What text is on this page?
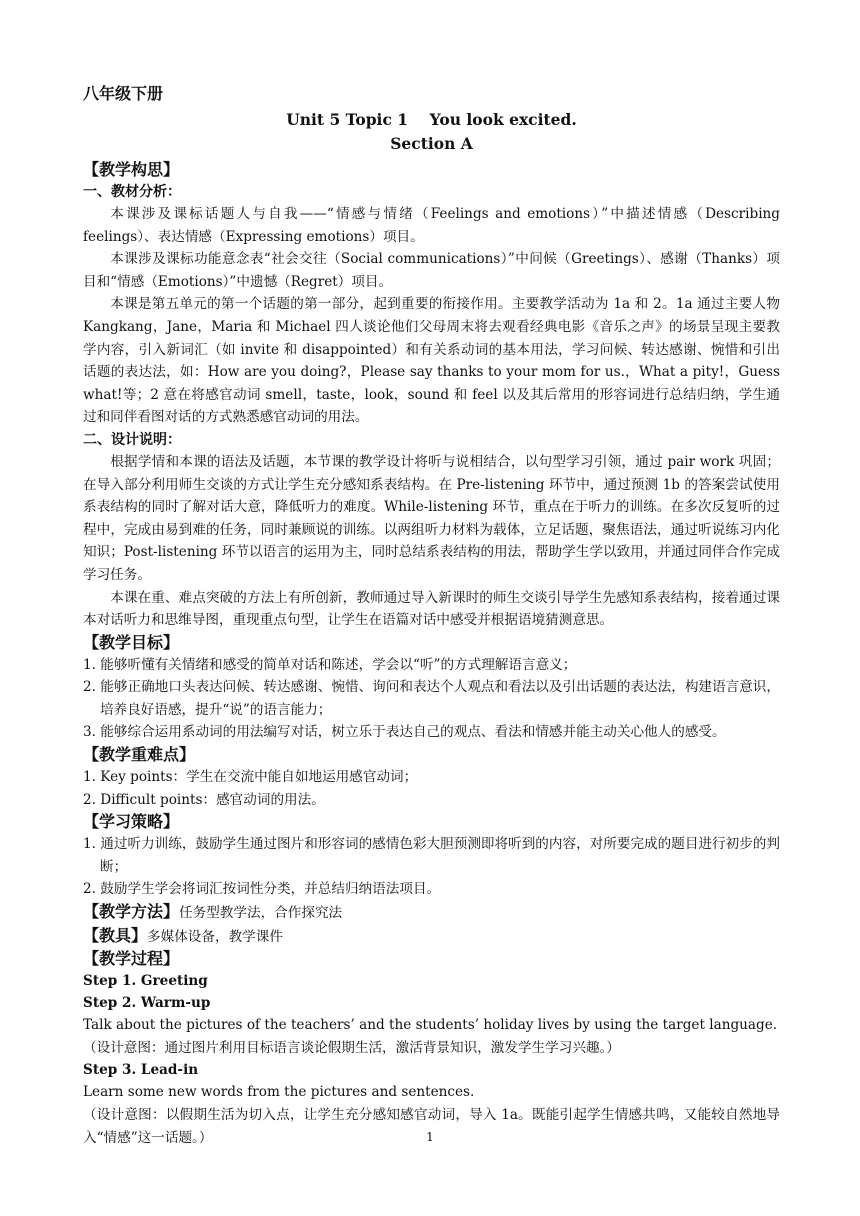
八年级下册

Unit 5 Topic 1    You look excited.

Section A

【教学构思】

一、教材分析：

本课涉及课标话题人与自我——“情感与情绪（Feelings and emotions）”中描述情感（Describing feelings）、表达情感（Expressing emotions）项目。

本课涉及课标功能意念表“社会交往（Social communications）”中问候（Greetings）、感谢（Thanks）项目和“情感（Emotions）”中遗憾（Regret）项目。

本课是第五单元的第一个话题的第一部分，起到重要的衔接作用。主要教学活动为 1a 和 2。1a 通过主要人物 Kangkang，Jane，Maria 和 Michael 四人谈论他们父母周末将去观看经典电影《音乐之声》的场景呈现主要教学内容，引入新词汇（如 invite 和 disappointed）和有关系动词的基本用法，学习问候、转达感谢、惋惜和引出话题的表达法，如：How are you doing?，Please say thanks to your mom for us.，What a pity!，Guess what!等；2 意在将感官动词 smell，taste，look，sound 和 feel 以及其后常用的形容词进行总结归纳，学生通过和同伴看图对话的方式熟悉感官动词的用法。

二、设计说明：

根据学情和本课的语法及话题，本节课的教学设计将听与说相结合，以句型学习引领，通过 pair work 巩固；在导入部分利用师生交谈的方式让学生充分感知系表结构。在 Pre-listening 环节中，通过预测 1b 的答案尝试使用系表结构的同时了解对话大意，降低听力的难度。While-listening 环节，重点在于听力的训练。在多次反复听的过程中，完成由易到难的任务，同时兼顾说的训练。以两组听力材料为载体，立足话题，聚焦语法，通过听说练习内化知识；Post-listening 环节以语言的运用为主，同时总结系表结构的用法，帮助学生学以致用，并通过同伴合作完成学习任务。

本课在重、难点突破的方法上有所创新，教师通过导入新课时的师生交谈引导学生先感知系表结构，接着通过课本对话听力和思维导图，重现重点句型，让学生在语篇对话中感受并根据语境猜测意思。

【教学目标】

1. 能够听懂有关情绪和感受的简单对话和陈述，学会以“听”的方式理解语言意义；

2. 能够正确地口头表达问候、转达感谢、惋惜、询问和表达个人观点和看法以及引出话题的表达法，构建语言意识，培养良好语感，提升“说”的语言能力；

3. 能够综合运用系动词的用法编写对话，树立乐于表达自己的观点、看法和情感并能主动关心他人的感受。

【教学重难点】

1. Key points：学生在交流中能自如地运用感官动词；

2. Difficult points：感官动词的用法。

【学习策略】

1. 通过听力训练，鼓励学生通过图片和形容词的感情色彩大胆预测即将听到的内容，对所要完成的题目进行初步的判断；

2. 鼓励学生学会将词汇按词性分类，并总结归纳语法项目。

【教学方法】任务型教学法，合作探究法

【教具】多媒体设备，教学课件

【教学过程】

Step 1. Greeting

Step 2. Warm-up

Talk about the pictures of the teachers’ and the students’ holiday lives by using the target language.

（设计意图：通过图片利用目标语言谈论假期生活，激活背景知识，激发学生学习兴趣。）

Step 3. Lead-in

Learn some new words from the pictures and sentences.

（设计意图：以假期生活为切入点，让学生充分感知感官动词，导入 1a。既能引起学生情感共鸣，又能较自然地导入“情感”这一话题。）	1
